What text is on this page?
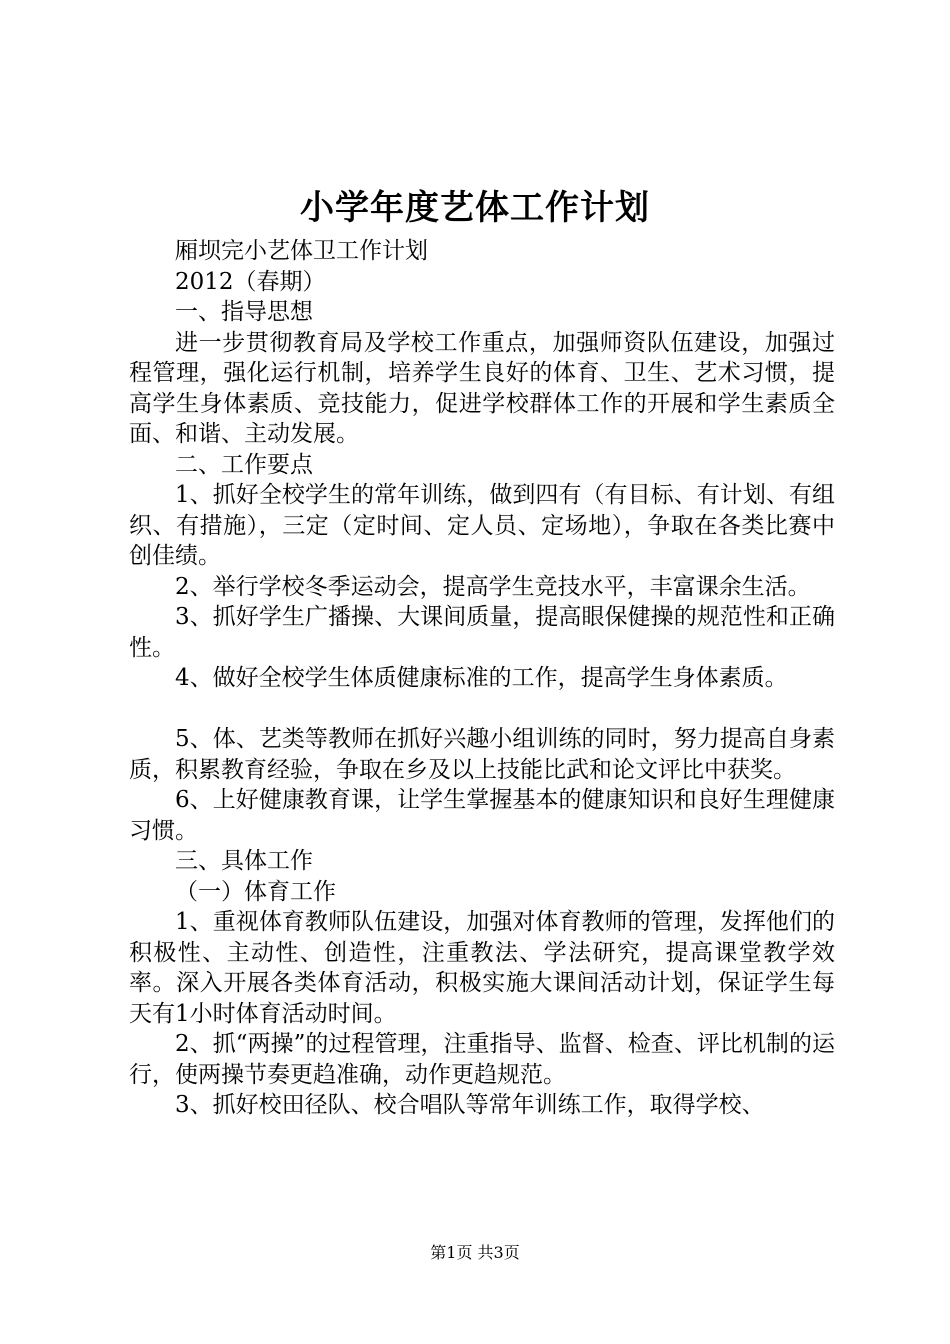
小学年度艺体工作计划

厢坝完小艺体卫工作计划

2012（春期）

一、指导思想

进一步贯彻教育局及学校工作重点，加强师资队伍建设，加强过程管理，强化运行机制，培养学生良好的体育、卫生、艺术习惯，提高学生身体素质、竞技能力，促进学校群体工作的开展和学生素质全面、和谐、主动发展。

二、工作要点

1、抓好全校学生的常年训练，做到四有（有目标、有计划、有组织、有措施），三定（定时间、定人员、定场地），争取在各类比赛中创佳绩。

2、举行学校冬季运动会，提高学生竞技水平，丰富课余生活。

3、抓好学生广播操、大课间质量，提高眼保健操的规范性和正确性。

4、做好全校学生体质健康标准的工作，提高学生身体素质。

5、体、艺类等教师在抓好兴趣小组训练的同时，努力提高自身素质，积累教育经验，争取在乡及以上技能比武和论文评比中获奖。

6、上好健康教育课，让学生掌握基本的健康知识和良好生理健康习惯。

三、具体工作

（一）体育工作

1、重视体育教师队伍建设，加强对体育教师的管理，发挥他们的积极性、主动性、创造性，注重教法、学法研究，提高课堂教学效率。深入开展各类体育活动，积极实施大课间活动计划，保证学生每天有1小时体育活动时间。

2、抓“两操”的过程管理，注重指导、监督、检查、评比机制的运行，使两操节奏更趋准确，动作更趋规范。

3、抓好校田径队、校合唱队等常年训练工作，取得学校、

第1页 共3页
